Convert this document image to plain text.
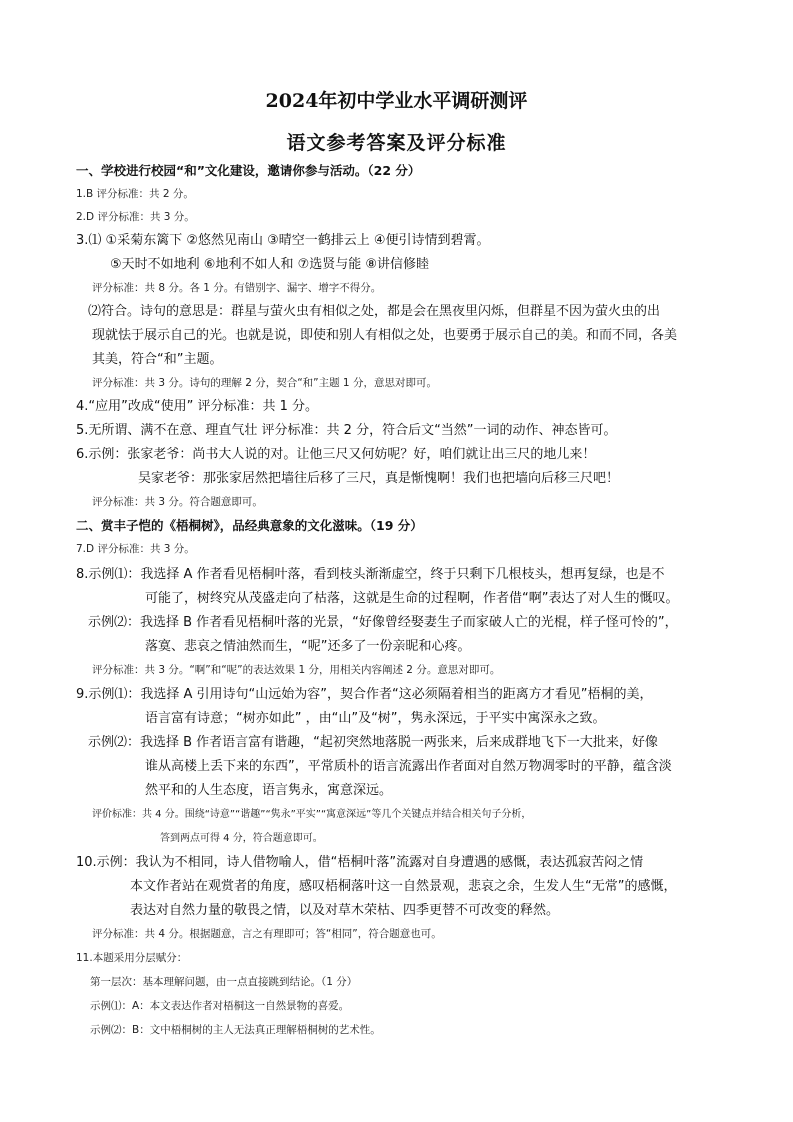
2024年初中学业水平调研测评
语文参考答案及评分标准
一、学校进行校园“和”文化建设，邀请你参与活动。（22 分）
1.B 评分标准：共 2 分。
2.D 评分标准：共 3 分。
3.⑴ ①采菊东篱下 ②悠然见南山 ③晴空一鹤排云上 ④便引诗情到碧霄。
⑤天时不如地利 ⑥地利不如人和 ⑦选贤与能 ⑧讲信修睦
评分标准：共 8 分。各 1 分。有错别字、漏字、增字不得分。
⑵符合。诗句的意思是：群星与萤火虫有相似之处，都是会在黑夜里闪烁，但群星不因为萤火虫的出
现就怯于展示自己的光。也就是说，即使和别人有相似之处，也要勇于展示自己的美。和而不同，各美
其美，符合“和”主题。
评分标准：共 3 分。诗句的理解 2 分，契合“和”主题 1 分，意思对即可。
4.“应用”改成“使用” 评分标准：共 1 分。
5.无所谓、满不在意、理直气壮 评分标准：共 2 分，符合后文“当然”一词的动作、神态皆可。
6.示例：张家老爷：尚书大人说的对。让他三尺又何妨呢？好，咱们就让出三尺的地儿来！
吴家老爷：那张家居然把墙往后移了三尺，真是惭愧啊！我们也把墙向后移三尺吧！
评分标准：共 3 分。符合题意即可。
二、赏丰子恺的《梧桐树》，品经典意象的文化滋味。（19 分）
7.D 评分标准：共 3 分。
8.示例⑴：我选择 A 作者看见梧桐叶落，看到枝头渐渐虚空，终于只剩下几根枝头，想再复绿，也是不
可能了，树终究从茂盛走向了枯落，这就是生命的过程啊，作者借“啊”表达了对人生的慨叹。
示例⑵：我选择 B 作者看见梧桐叶落的光景，“好像曾经娶妻生子而家破人亡的光棍，样子怪可怜的”，
落寞、悲哀之情油然而生，“呢”还多了一份亲昵和心疼。
评分标准：共 3 分。“啊”和“呢”的表达效果 1 分，用相关内容阐述 2 分。意思对即可。
9.示例⑴：我选择 A 引用诗句“山远始为容”，契合作者“这必须隔着相当的距离方才看见”梧桐的美，
语言富有诗意；“树亦如此” ，由“山”及“树”，隽永深远，于平实中寓深永之致。
示例⑵：我选择 B 作者语言富有谐趣，“起初突然地落脱一两张来，后来成群地飞下一大批来，好像
谁从高楼上丢下来的东西”，平常质朴的语言流露出作者面对自然万物凋零时的平静，蕴含淡
然平和的人生态度，语言隽永，寓意深远。
评价标准：共 4 分。围绕“诗意”“谐趣”“隽永”平实”“寓意深远”等几个关键点并结合相关句子分析，
答到两点可得 4 分，符合题意即可。
10.示例：我认为不相同，诗人借物喻人，借“梧桐叶落”流露对自身遭遇的感慨，表达孤寂苦闷之情
本文作者站在观赏者的角度，感叹梧桐落叶这一自然景观，悲哀之余，生发人生“无常”的感慨，
表达对自然力量的敬畏之情，以及对草木荣枯、四季更替不可改变的释然。
评分标准：共 4 分。根据题意，言之有理即可；答“相同”，符合题意也可。
11.本题采用分层赋分：
第一层次：基本理解问题，由一点直接跳到结论。（1 分）
示例⑴：A：本文表达作者对梧桐这一自然景物的喜爱。
示例⑵：B：文中梧桐树的主人无法真正理解梧桐树的艺术性。
